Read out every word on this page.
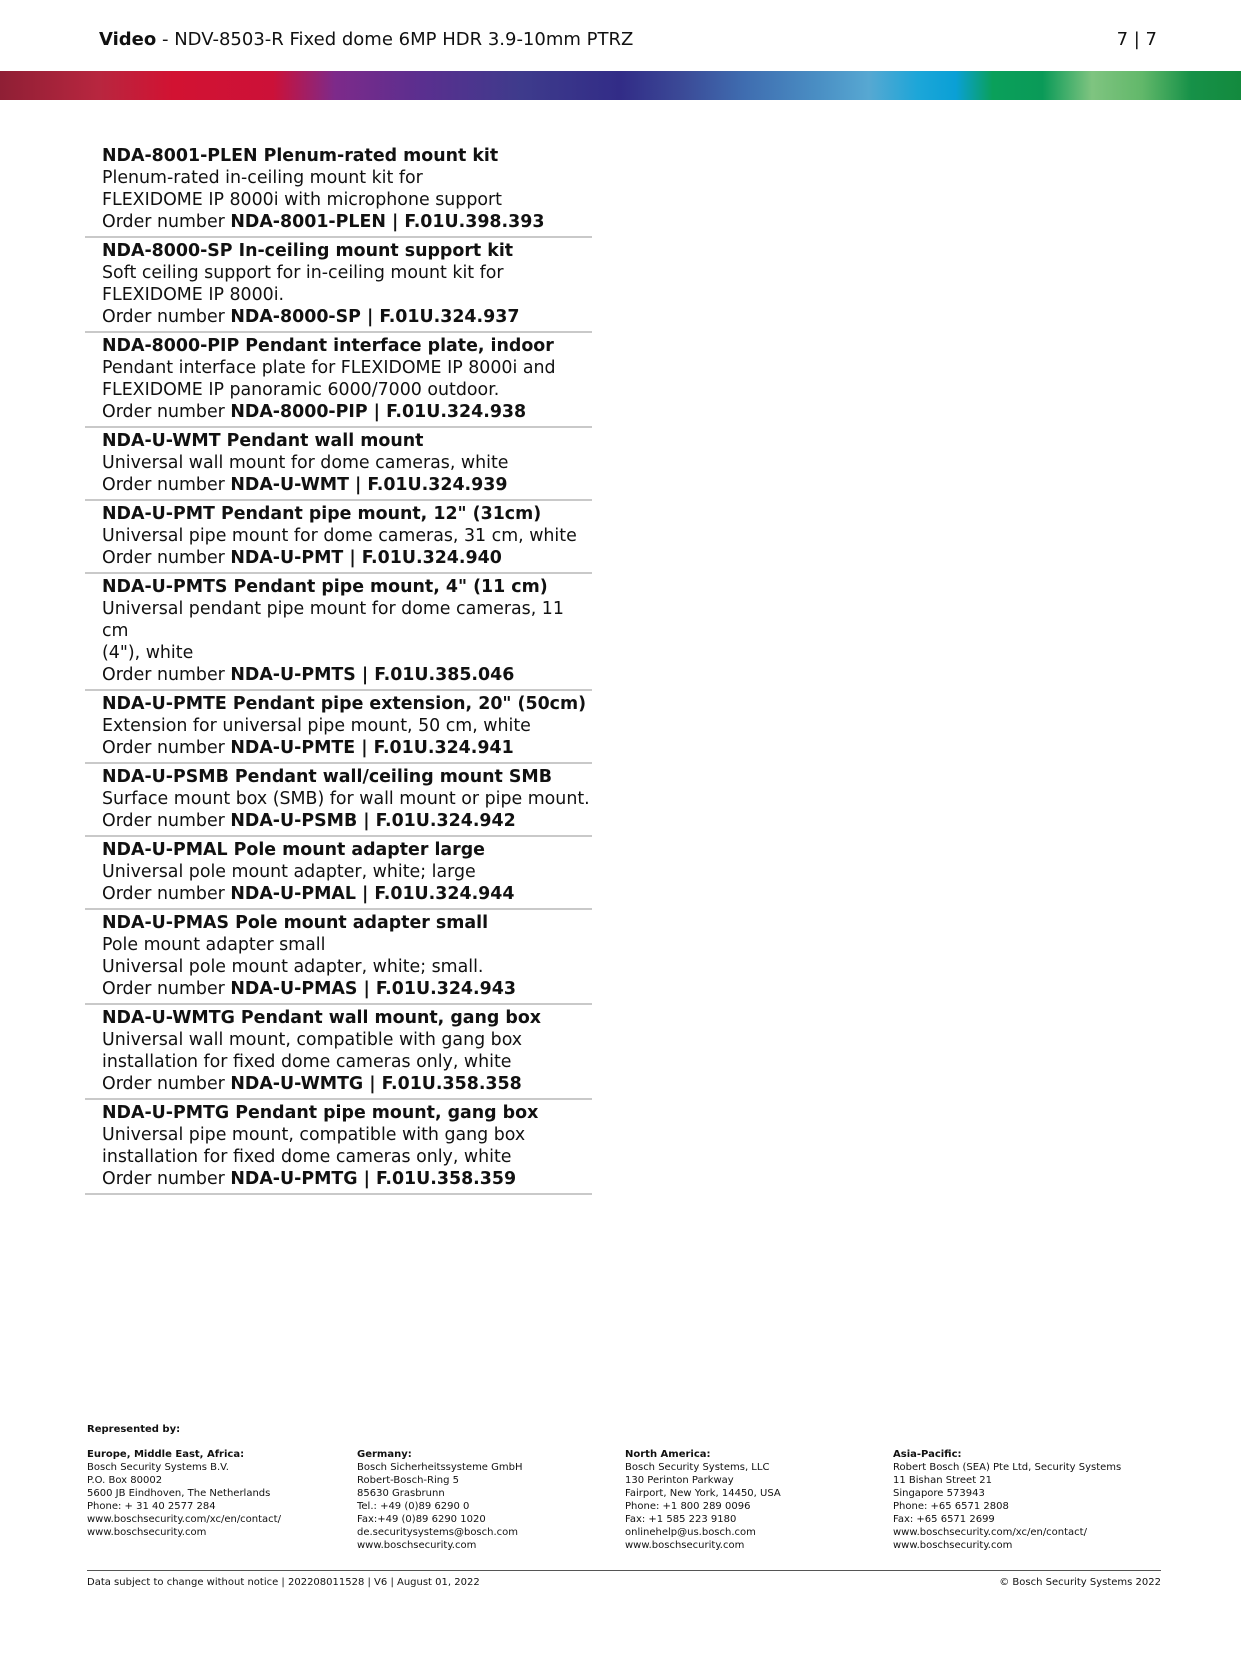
Video - NDV-8503-R Fixed dome 6MP HDR 3.9-10mm PTRZ	7 | 7
NDA-8001-PLEN Plenum-rated mount kit
Plenum-rated in-ceiling mount kit for
FLEXIDOME IP 8000i with microphone support
Order number NDA-8001-PLEN | F.01U.398.393
NDA-8000-SP In-ceiling mount support kit
Soft ceiling support for in-ceiling mount kit for
FLEXIDOME IP 8000i.
Order number NDA-8000-SP | F.01U.324.937
NDA-8000-PIP Pendant interface plate, indoor
Pendant interface plate for FLEXIDOME IP 8000i and
FLEXIDOME IP panoramic 6000/7000 outdoor.
Order number NDA-8000-PIP | F.01U.324.938
NDA-U-WMT Pendant wall mount
Universal wall mount for dome cameras, white
Order number NDA-U-WMT | F.01U.324.939
NDA-U-PMT Pendant pipe mount, 12" (31cm)
Universal pipe mount for dome cameras, 31 cm, white
Order number NDA-U-PMT | F.01U.324.940
NDA-U-PMTS Pendant pipe mount, 4" (11 cm)
Universal pendant pipe mount for dome cameras, 11 cm
(4"), white
Order number NDA-U-PMTS | F.01U.385.046
NDA-U-PMTE Pendant pipe extension, 20" (50cm)
Extension for universal pipe mount, 50 cm, white
Order number NDA-U-PMTE | F.01U.324.941
NDA-U-PSMB Pendant wall/ceiling mount SMB
Surface mount box (SMB) for wall mount or pipe mount.
Order number NDA-U-PSMB | F.01U.324.942
NDA-U-PMAL Pole mount adapter large
Universal pole mount adapter, white; large
Order number NDA-U-PMAL | F.01U.324.944
NDA-U-PMAS Pole mount adapter small
Pole mount adapter small
Universal pole mount adapter, white; small.
Order number NDA-U-PMAS | F.01U.324.943
NDA-U-WMTG Pendant wall mount, gang box
Universal wall mount, compatible with gang box
installation for fixed dome cameras only, white
Order number NDA-U-WMTG | F.01U.358.358
NDA-U-PMTG Pendant pipe mount, gang box
Universal pipe mount, compatible with gang box
installation for fixed dome cameras only, white
Order number NDA-U-PMTG | F.01U.358.359
Represented by:
Europe, Middle East, Africa:
Bosch Security Systems B.V.
P.O. Box 80002
5600 JB Eindhoven, The Netherlands
Phone: + 31 40 2577 284
www.boschsecurity.com/xc/en/contact/
www.boschsecurity.com
Germany:
Bosch Sicherheitssysteme GmbH
Robert-Bosch-Ring 5
85630 Grasbrunn
Tel.: +49 (0)89 6290 0
Fax:+49 (0)89 6290 1020
de.securitysystems@bosch.com
www.boschsecurity.com
North America:
Bosch Security Systems, LLC
130 Perinton Parkway
Fairport, New York, 14450, USA
Phone: +1 800 289 0096
Fax: +1 585 223 9180
onlinehelp@us.bosch.com
www.boschsecurity.com
Asia-Pacific:
Robert Bosch (SEA) Pte Ltd, Security Systems
11 Bishan Street 21
Singapore 573943
Phone: +65 6571 2808
Fax: +65 6571 2699
www.boschsecurity.com/xc/en/contact/
www.boschsecurity.com
Data subject to change without notice | 202208011528 | V6 | August 01, 2022	© Bosch Security Systems 2022
